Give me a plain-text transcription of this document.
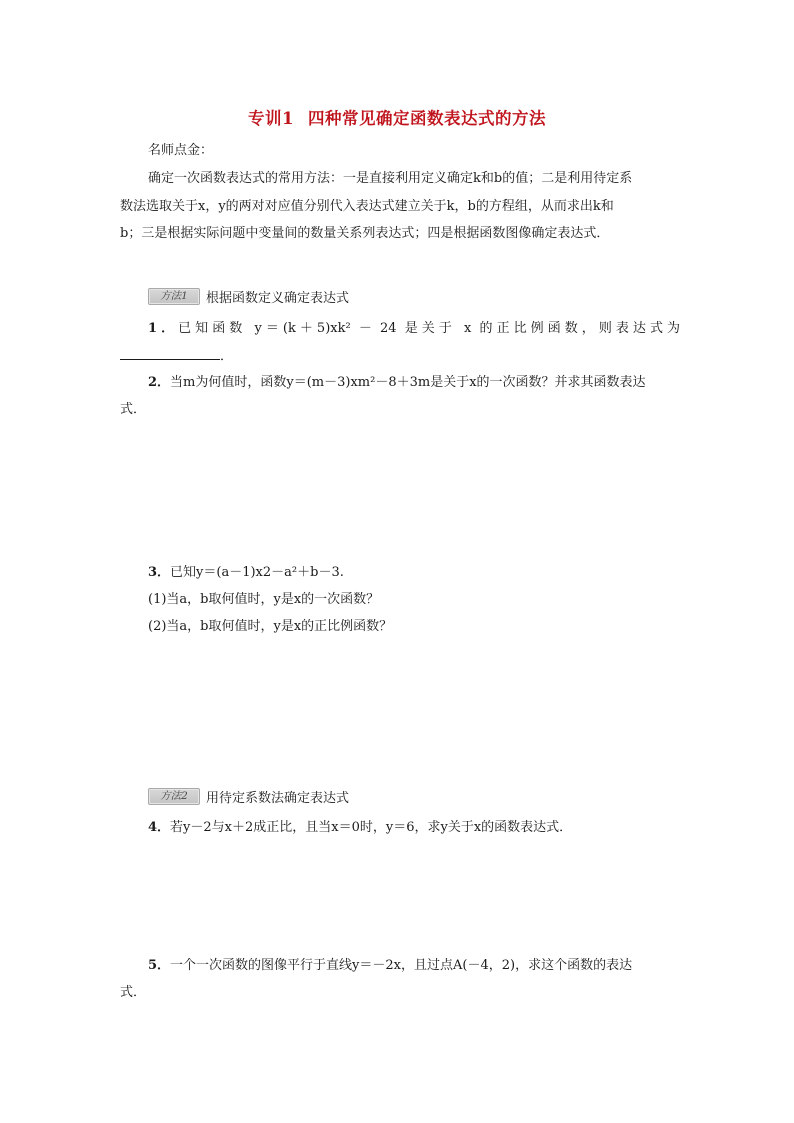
专训1 四种常见确定函数表达式的方法
名师点金：
确定一次函数表达式的常用方法：一是直接利用定义确定k和b的值；二是利用待定系
数法选取关于x，y的两对对应值分别代入表达式建立关于k，b的方程组，从而求出k和
b；三是根据实际问题中变量间的数量关系列表达式；四是根据函数图像确定表达式．
方法1	根据函数定义确定表达式
1．已知函数 y＝(k＋5)xk² － 24 是关于 x 的正比例函数，则表达式为
．
2．当m为何值时，函数y＝(m－3)xm²－8＋3m是关于x的一次函数？并求其函数表达
式．
3．已知y＝(a－1)x2－a²＋b－3.
(1)当a，b取何值时，y是x的一次函数？
(2)当a，b取何值时，y是x的正比例函数？
方法2	用待定系数法确定表达式
4．若y－2与x＋2成正比，且当x＝0时，y＝6，求y关于x的函数表达式．
5．一个一次函数的图像平行于直线y＝－2x，且过点A(－4，2)，求这个函数的表达
式．
